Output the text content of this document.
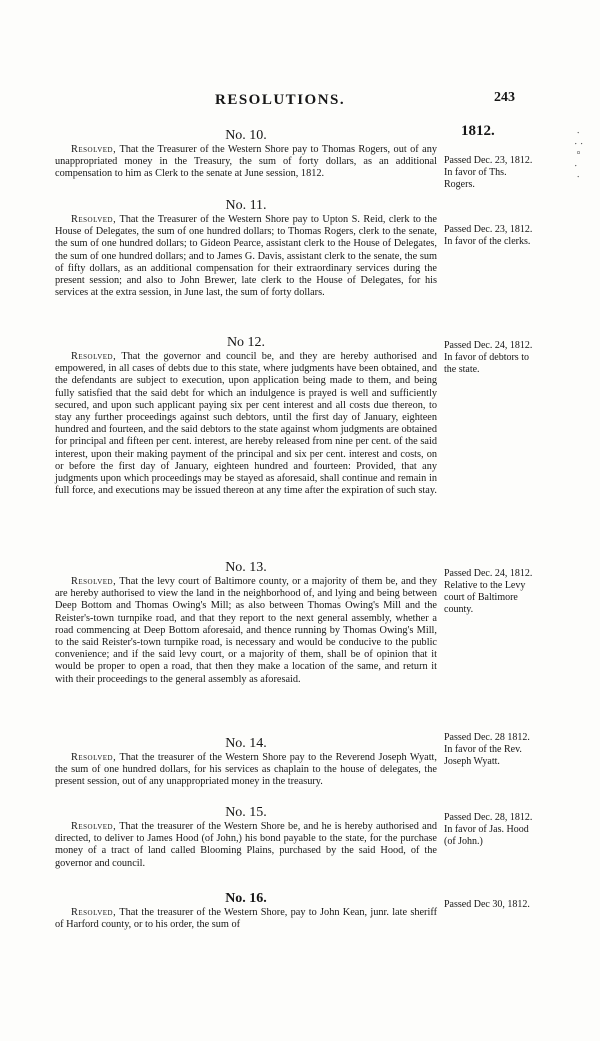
RESOLUTIONS.	243
1812.	⋅
⋅ ⋅
°
⋅
⋅
No. 10.
Resolved, That the Treasurer of the Western Shore pay to Thomas Rogers, out of any unappropriated money in the Treasury, the sum of forty dollars, as an additional compensation to him as Clerk to the senate at June session, 1812.
Passed Dec. 23, 1812. In favor of Ths. Rogers.
No. 11.
Resolved, That the Treasurer of the Western Shore pay to Upton S. Reid, clerk to the House of Delegates, the sum of one hundred dollars; to Thomas Rogers, clerk to the senate, the sum of one hundred dollars; to Gideon Pearce, assistant clerk to the House of Delegates, the sum of one hundred dollars; and to James G. Davis, assistant clerk to the senate, the sum of fifty dollars, as an additional compensation for their extraordinary services during the present session; and also to John Brewer, late clerk to the House of Delegates, for his services at the extra session, in June last, the sum of forty dollars.
Passed Dec. 23, 1812. In favor of the clerks.
No 12.
Resolved, That the governor and council be, and they are hereby authorised and empowered, in all cases of debts due to this state, where judgments have been obtained, and the defendants are subject to execution, upon application being made to them, and being fully satisfied that the said debt for which an indulgence is prayed is well and sufficiently secured, and upon such applicant paying six per cent interest and all costs due thereon, to stay any further proceedings against such debtors, until the first day of January, eighteen hundred and fourteen, and the said debtors to the state against whom judgments are obtained for principal and fifteen per cent. interest, are hereby released from nine per cent. of the said interest, upon their making payment of the principal and six per cent. interest and costs, on or before the first day of January, eighteen hundred and fourteen: Provided, that any judgments upon which proceedings may be stayed as aforesaid, shall continue and remain in full force, and executions may be issued thereon at any time after the expiration of such stay.
Passed Dec. 24, 1812. In favor of debtors to the state.
No. 13.
Resolved, That the levy court of Baltimore county, or a majority of them be, and they are hereby authorised to view the land in the neighborhood of, and lying and being between Deep Bottom and Thomas Owing's Mill; as also between Thomas Owing's Mill and the Reister's-town turnpike road, and that they report to the next general assembly, whether a road commencing at Deep Bottom aforesaid, and thence running by Thomas Owing's Mill, to the said Reister's-town turnpike road, is necessary and would be conducive to the public convenience; and if the said levy court, or a majority of them, shall be of opinion that it would be proper to open a road, that then they make a location of the same, and return it with their proceedings to the general assembly as aforesaid.
Passed Dec. 24, 1812. Relative to the Levy court of Baltimore county.
No. 14.
Resolved, That the treasurer of the Western Shore pay to the Reverend Joseph Wyatt, the sum of one hundred dollars, for his services as chaplain to the house of delegates, the present session, out of any unappropriated money in the treasury.
Passed Dec. 28 1812. In favor of the Rev. Joseph Wyatt.
No. 15.
Resolved, That the treasurer of the Western Shore be, and he is hereby authorised and directed, to deliver to James Hood (of John,) his bond payable to the state, for the purchase money of a tract of land called Blooming Plains, purchased by the said Hood, of the governor and council.
Passed Dec. 28, 1812. In favor of Jas. Hood (of John.)
No. 16.
Resolved, That the treasurer of the Western Shore, pay to John Kean, junr. late sheriff of Harford county, or to his order, the sum of
Passed Dec 30, 1812.
